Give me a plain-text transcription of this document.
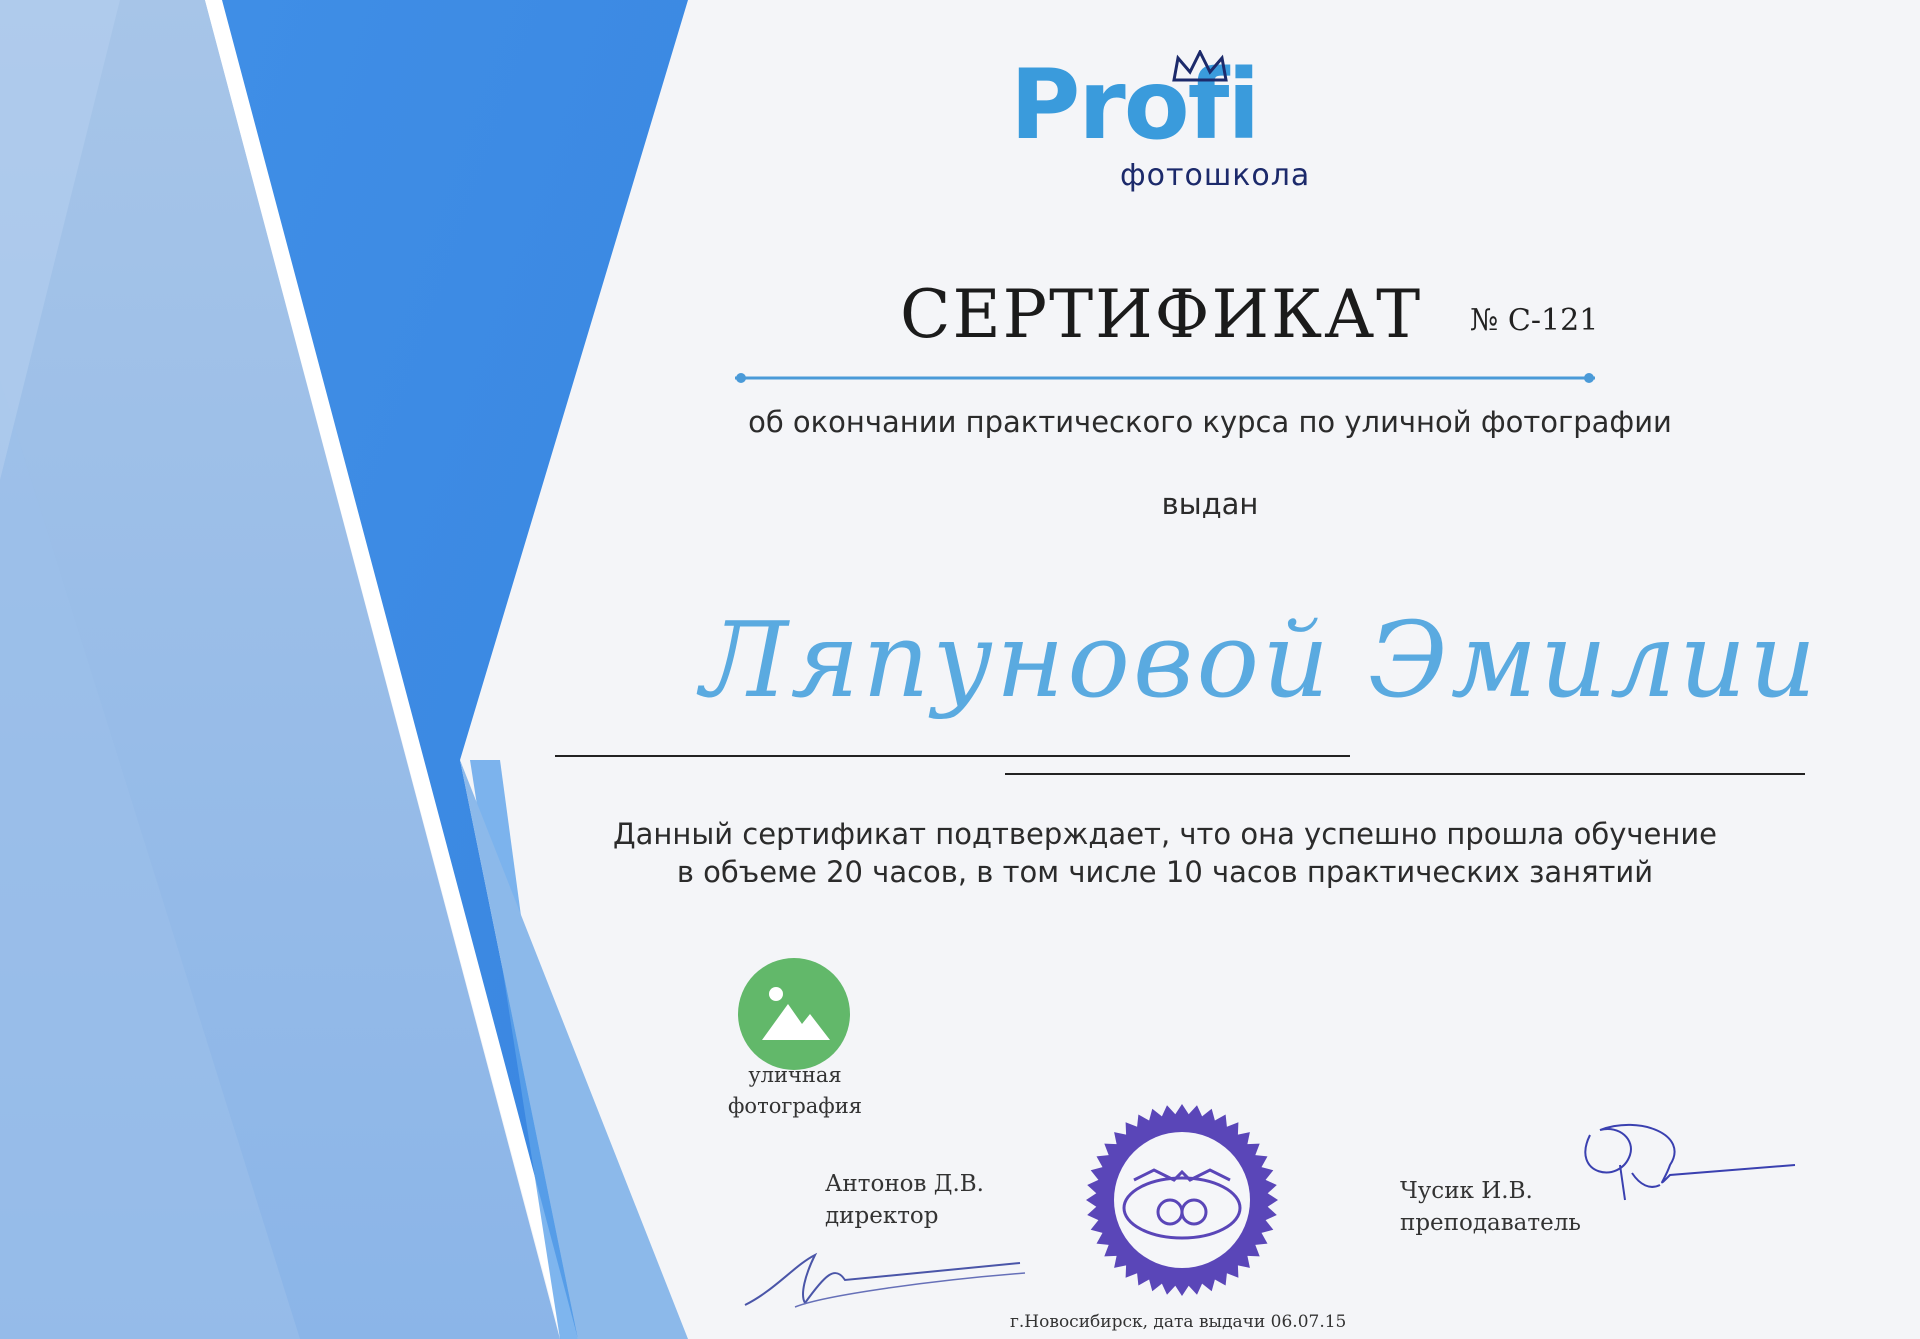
Profi
фотошкола
СЕРТИФИКАТ № С-121
об окончании практического курса по уличной фотографии
выдан
Ляпуновой Эмилии
Данный сертификат подтверждает, что она успешно прошла обучение
в объеме 20 часов, в том числе 10 часов практических занятий
уличная
фотография
Антонов Д.В.
директор
Чусик И.В.
преподаватель
г.Новосибирск, дата выдачи 06.07.15
